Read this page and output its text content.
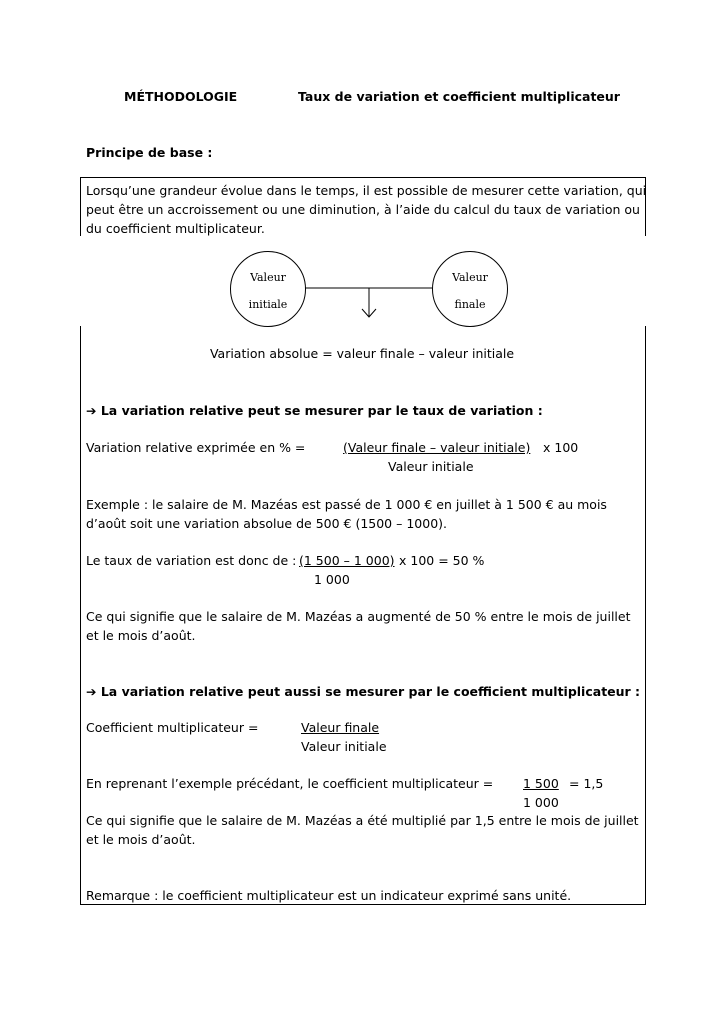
MÉTHODOLOGIE	Taux de variation et coefficient multiplicateur
Principe de base :
Lorsqu’une grandeur évolue dans le temps, il est possible de mesurer cette variation, qui
peut être un accroissement ou une diminution, à l’aide du calcul du taux de variation ou
du coefficient multiplicateur.
Valeur
initiale
Valeur
finale
Variation absolue = valeur finale – valeur initiale
➔ La variation relative peut se mesurer par le taux de variation :
Variation relative exprimée en % =	(Valeur finale – valeur initiale) x 100
Valeur initiale
Exemple : le salaire de M. Mazéas est passé de 1 000 € en juillet à 1 500 € au mois
d’août soit une variation absolue de 500 € (1500 – 1000).
Le taux de variation est donc de : (1 500 – 1 000) x 100 = 50 %
1 000
Ce qui signifie que le salaire de M. Mazéas a augmenté de 50 % entre le mois de juillet
et le mois d’août.
➔ La variation relative peut aussi se mesurer par le coefficient multiplicateur :
Coefficient multiplicateur =	Valeur finale
Valeur initiale
En reprenant l’exemple précédant, le coefficient multiplicateur = 1 500 = 1,5
1 000
Ce qui signifie que le salaire de M. Mazéas a été multiplié par 1,5 entre le mois de juillet
et le mois d’août.
Remarque : le coefficient multiplicateur est un indicateur exprimé sans unité.
